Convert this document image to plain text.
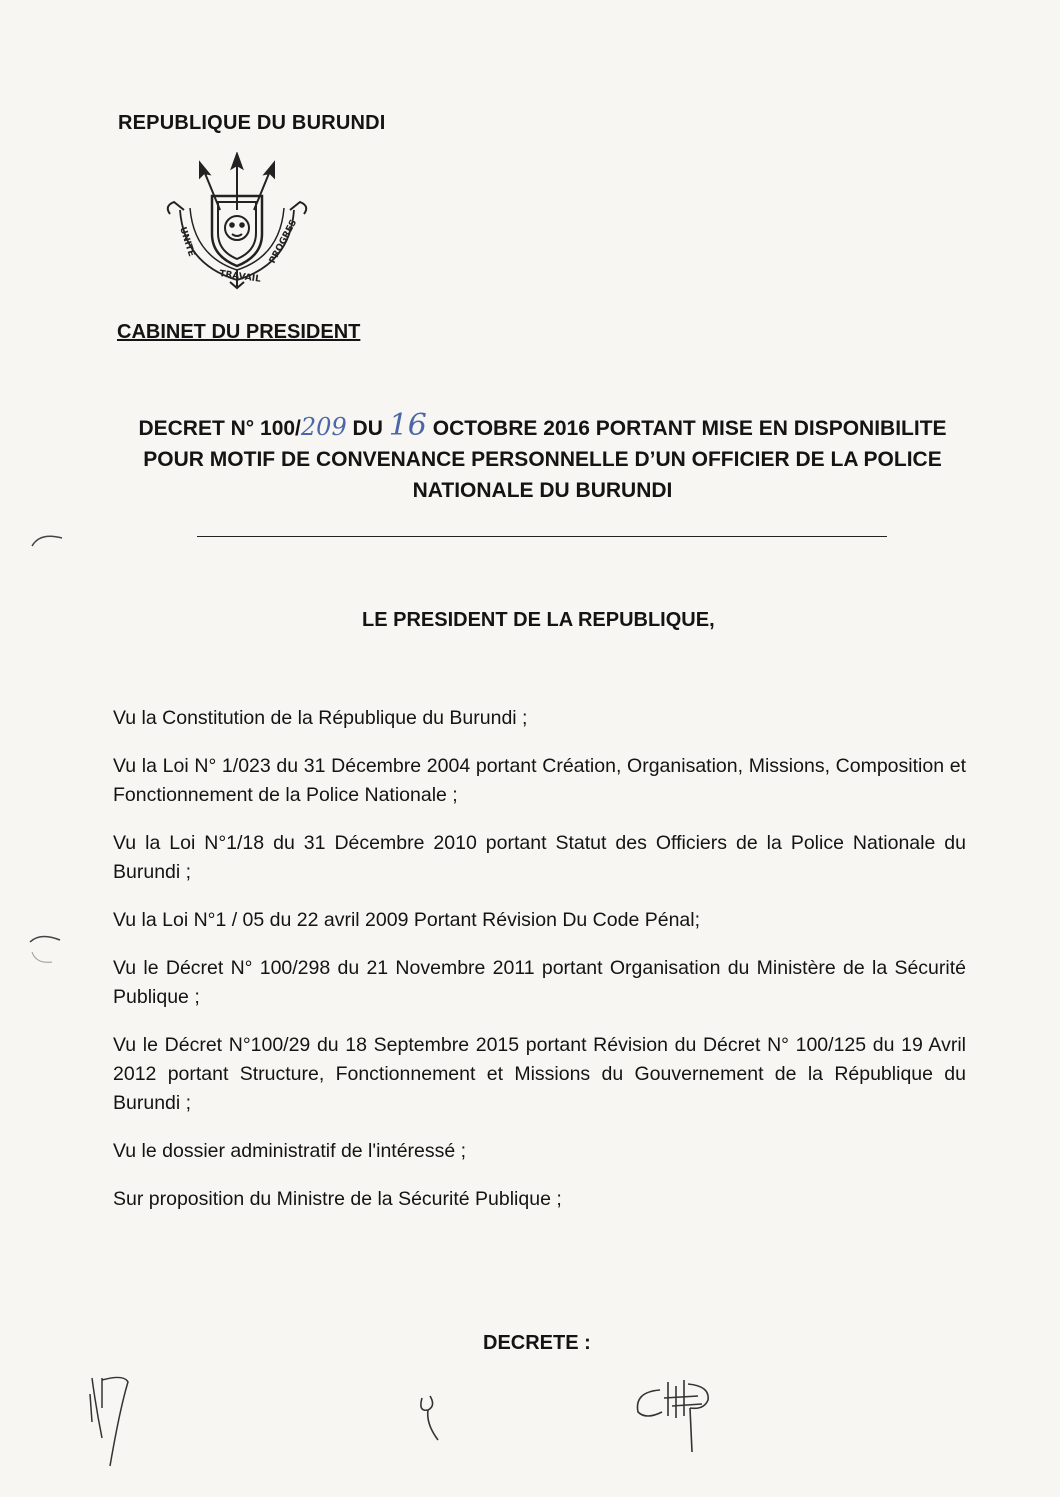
REPUBLIQUE DU BURUNDI
UNITE
TRAVAIL
PROGRES
CABINET DU PRESIDENT
DECRET N° 100/209 DU 16 OCTOBRE 2016 PORTANT MISE EN DISPONIBILITE
POUR MOTIF DE CONVENANCE PERSONNELLE D’UN OFFICIER DE LA POLICE
NATIONALE DU BURUNDI
LE PRESIDENT DE LA REPUBLIQUE,

Vu la Constitution de la République du Burundi ;

Vu la Loi N° 1/023 du 31 Décembre 2004 portant Création, Organisation, Missions, Composition et Fonctionnement de la Police Nationale ;

Vu la Loi N°1/18 du 31 Décembre 2010 portant Statut des Officiers de la Police Nationale du Burundi ;

Vu la Loi N°1 / 05 du 22 avril 2009 Portant Révision Du Code Pénal;

Vu le Décret N° 100/298 du 21 Novembre 2011 portant Organisation du Ministère de la Sécurité Publique ;

Vu le Décret N°100/29 du 18 Septembre 2015 portant Révision du Décret N° 100/125 du 19 Avril 2012 portant Structure, Fonctionnement et Missions du Gouvernement de la République du Burundi ;

Vu le dossier administratif de l'intéressé ;

Sur proposition du Ministre de la Sécurité Publique ;

DECRETE :
